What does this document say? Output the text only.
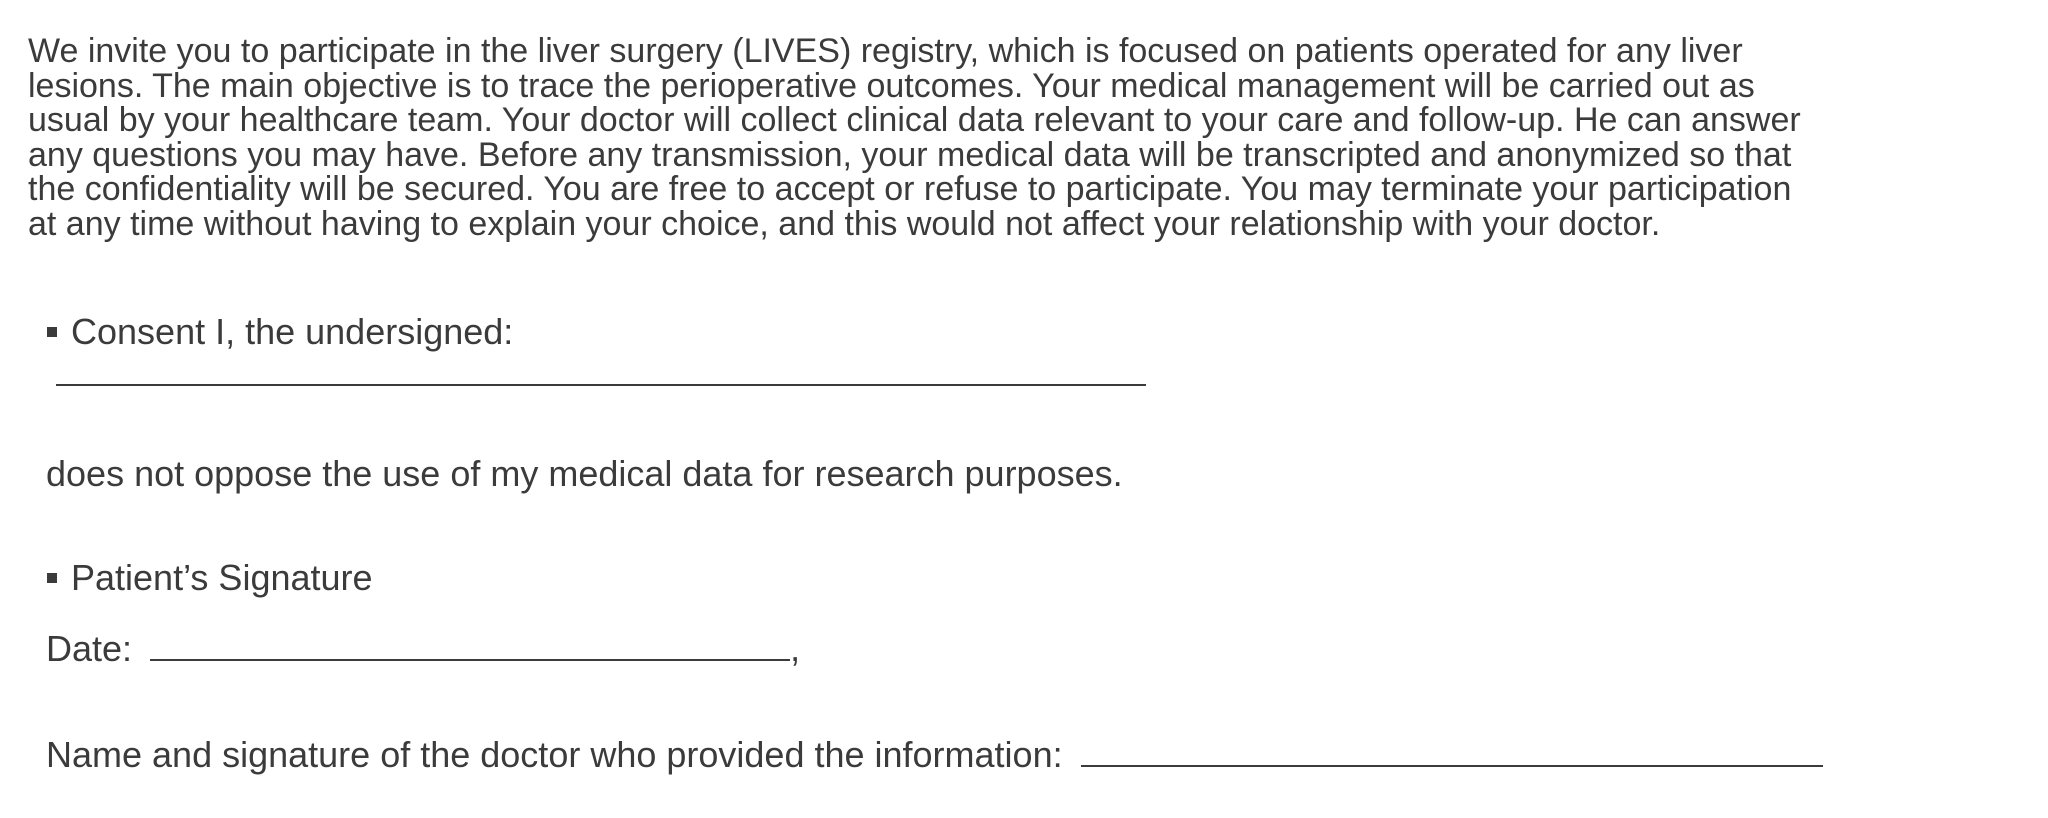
We invite you to participate in the liver surgery (LIVES) registry, which is focused on patients operated for any liver
lesions. The main objective is to trace the perioperative outcomes. Your medical management will be carried out as
usual by your healthcare team. Your doctor will collect clinical data relevant to your care and follow-up. He can answer
any questions you may have. Before any transmission, your medical data will be transcripted and anonymized so that
the confidentiality will be secured. You are free to accept or refuse to participate. You may terminate your participation
at any time without having to explain your choice, and this would not affect your relationship with your doctor.

Consent I, the undersigned:
does not oppose the use of my medical data for research purposes.
Patient’s Signature
Date:	,
Name and signature of the doctor who provided the information:
